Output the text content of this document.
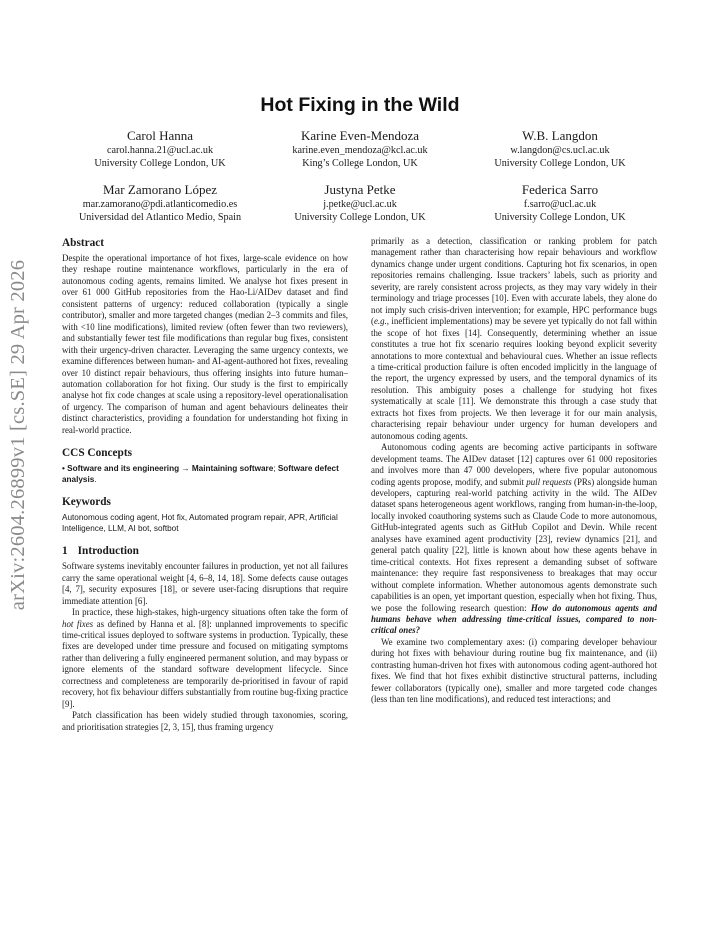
arXiv:2604.26899v1 [cs.SE] 29 Apr 2026
Hot Fixing in the Wild
Carol Hanna
carol.hanna.21@ucl.ac.uk
University College London, UK
Karine Even-Mendoza
karine.even_mendoza@kcl.ac.uk
King’s College London, UK
W.B. Langdon
w.langdon@cs.ucl.ac.uk
University College London, UK
Mar Zamorano López
mar.zamorano@pdi.atlanticomedio.es
Universidad del Atlantico Medio, Spain
Justyna Petke
j.petke@ucl.ac.uk
University College London, UK
Federica Sarro
f.sarro@ucl.ac.uk
University College London, UK
Abstract

Despite the operational importance of hot fixes, large-scale evidence on how they reshape routine maintenance workflows, particularly in the era of autonomous coding agents, remains limited. We analyse hot fixes present in over 61 000 GitHub repositories from the Hao-Li/AIDev dataset and find consistent patterns of urgency: reduced collaboration (typically a single contributor), smaller and more targeted changes (median 2–3 commits and files, with <10 line modifications), limited review (often fewer than two reviewers), and substantially fewer test file modifications than regular bug fixes, consistent with their urgency-driven character. Leveraging the same urgency contexts, we examine differences between human- and AI-agent-authored hot fixes, revealing over 10 distinct repair behaviours, thus offering insights into future human–automation collaboration for hot fixing. Our study is the first to empirically analyse hot fix code changes at scale using a repository-level operationalisation of urgency. The comparison of human and agent behaviours delineates their distinct characteristics, providing a foundation for understanding hot fixing in real-world practice.

CCS Concepts
• Software and its engineering → Maintaining software; Software defect analysis.
Keywords
Autonomous coding agent, Hot fix, Automated program repair, APR, Artificial Intelligence, LLM, AI bot, softbot
1 Introduction

Software systems inevitably encounter failures in production, yet not all failures carry the same operational weight [4, 6–8, 14, 18]. Some defects cause outages [4, 7], security exposures [18], or severe user-facing disruptions that require immediate attention [6].

In practice, these high-stakes, high-urgency situations often take the form of hot fixes as defined by Hanna et al. [8]: unplanned improvements to specific time-critical issues deployed to software systems in production. Typically, these fixes are developed under time pressure and focused on mitigating symptoms rather than delivering a fully engineered permanent solution, and may bypass or ignore elements of the standard software development lifecycle. Since correctness and completeness are temporarily de-prioritised in favour of rapid recovery, hot fix behaviour differs substantially from routine bug-fixing practice [9].

Patch classification has been widely studied through taxonomies, scoring, and prioritisation strategies [2, 3, 15], thus framing urgency

primarily as a detection, classification or ranking problem for patch management rather than characterising how repair behaviours and workflow dynamics change under urgent conditions. Capturing hot fix scenarios, in open repositories remains challenging. Issue trackers’ labels, such as priority and severity, are rarely consistent across projects, as they may vary widely in their terminology and triage processes [10]. Even with accurate labels, they alone do not imply such crisis-driven intervention; for example, HPC performance bugs (e.g., inefficient implementations) may be severe yet typically do not fall within the scope of hot fixes [14]. Consequently, determining whether an issue constitutes a true hot fix scenario requires looking beyond explicit severity annotations to more contextual and behavioural cues. Whether an issue reflects a time-critical production failure is often encoded implicitly in the language of the report, the urgency expressed by users, and the temporal dynamics of its resolution. This ambiguity poses a challenge for studying hot fixes systematically at scale [11]. We demonstrate this through a case study that extracts hot fixes from projects. We then leverage it for our main analysis, characterising repair behaviour under urgency for human developers and autonomous coding agents.

Autonomous coding agents are becoming active participants in software development teams. The AIDev dataset [12] captures over 61 000 repositories and involves more than 47 000 developers, where five popular autonomous coding agents propose, modify, and submit pull requests (PRs) alongside human developers, capturing real-world patching activity in the wild. The AIDev dataset spans heterogeneous agent workflows, ranging from human-in-the-loop, locally invoked coauthoring systems such as Claude Code to more autonomous, GitHub-integrated agents such as GitHub Copilot and Devin. While recent analyses have examined agent productivity [23], review dynamics [21], and general patch quality [22], little is known about how these agents behave in time-critical contexts. Hot fixes represent a demanding subset of software maintenance: they require fast responsiveness to breakages that may occur without complete information. Whether autonomous agents demonstrate such capabilities is an open, yet important question, especially when hot fixing. Thus, we pose the following research question: How do autonomous agents and humans behave when addressing time-critical issues, compared to non-critical ones?

We examine two complementary axes: (i) comparing developer behaviour during hot fixes with behaviour during routine bug fix maintenance, and (ii) contrasting human-driven hot fixes with autonomous coding agent-authored hot fixes. We find that hot fixes exhibit distinctive structural patterns, including fewer collaborators (typically one), smaller and more targeted code changes (less than ten line modifications), and reduced test interactions; and
